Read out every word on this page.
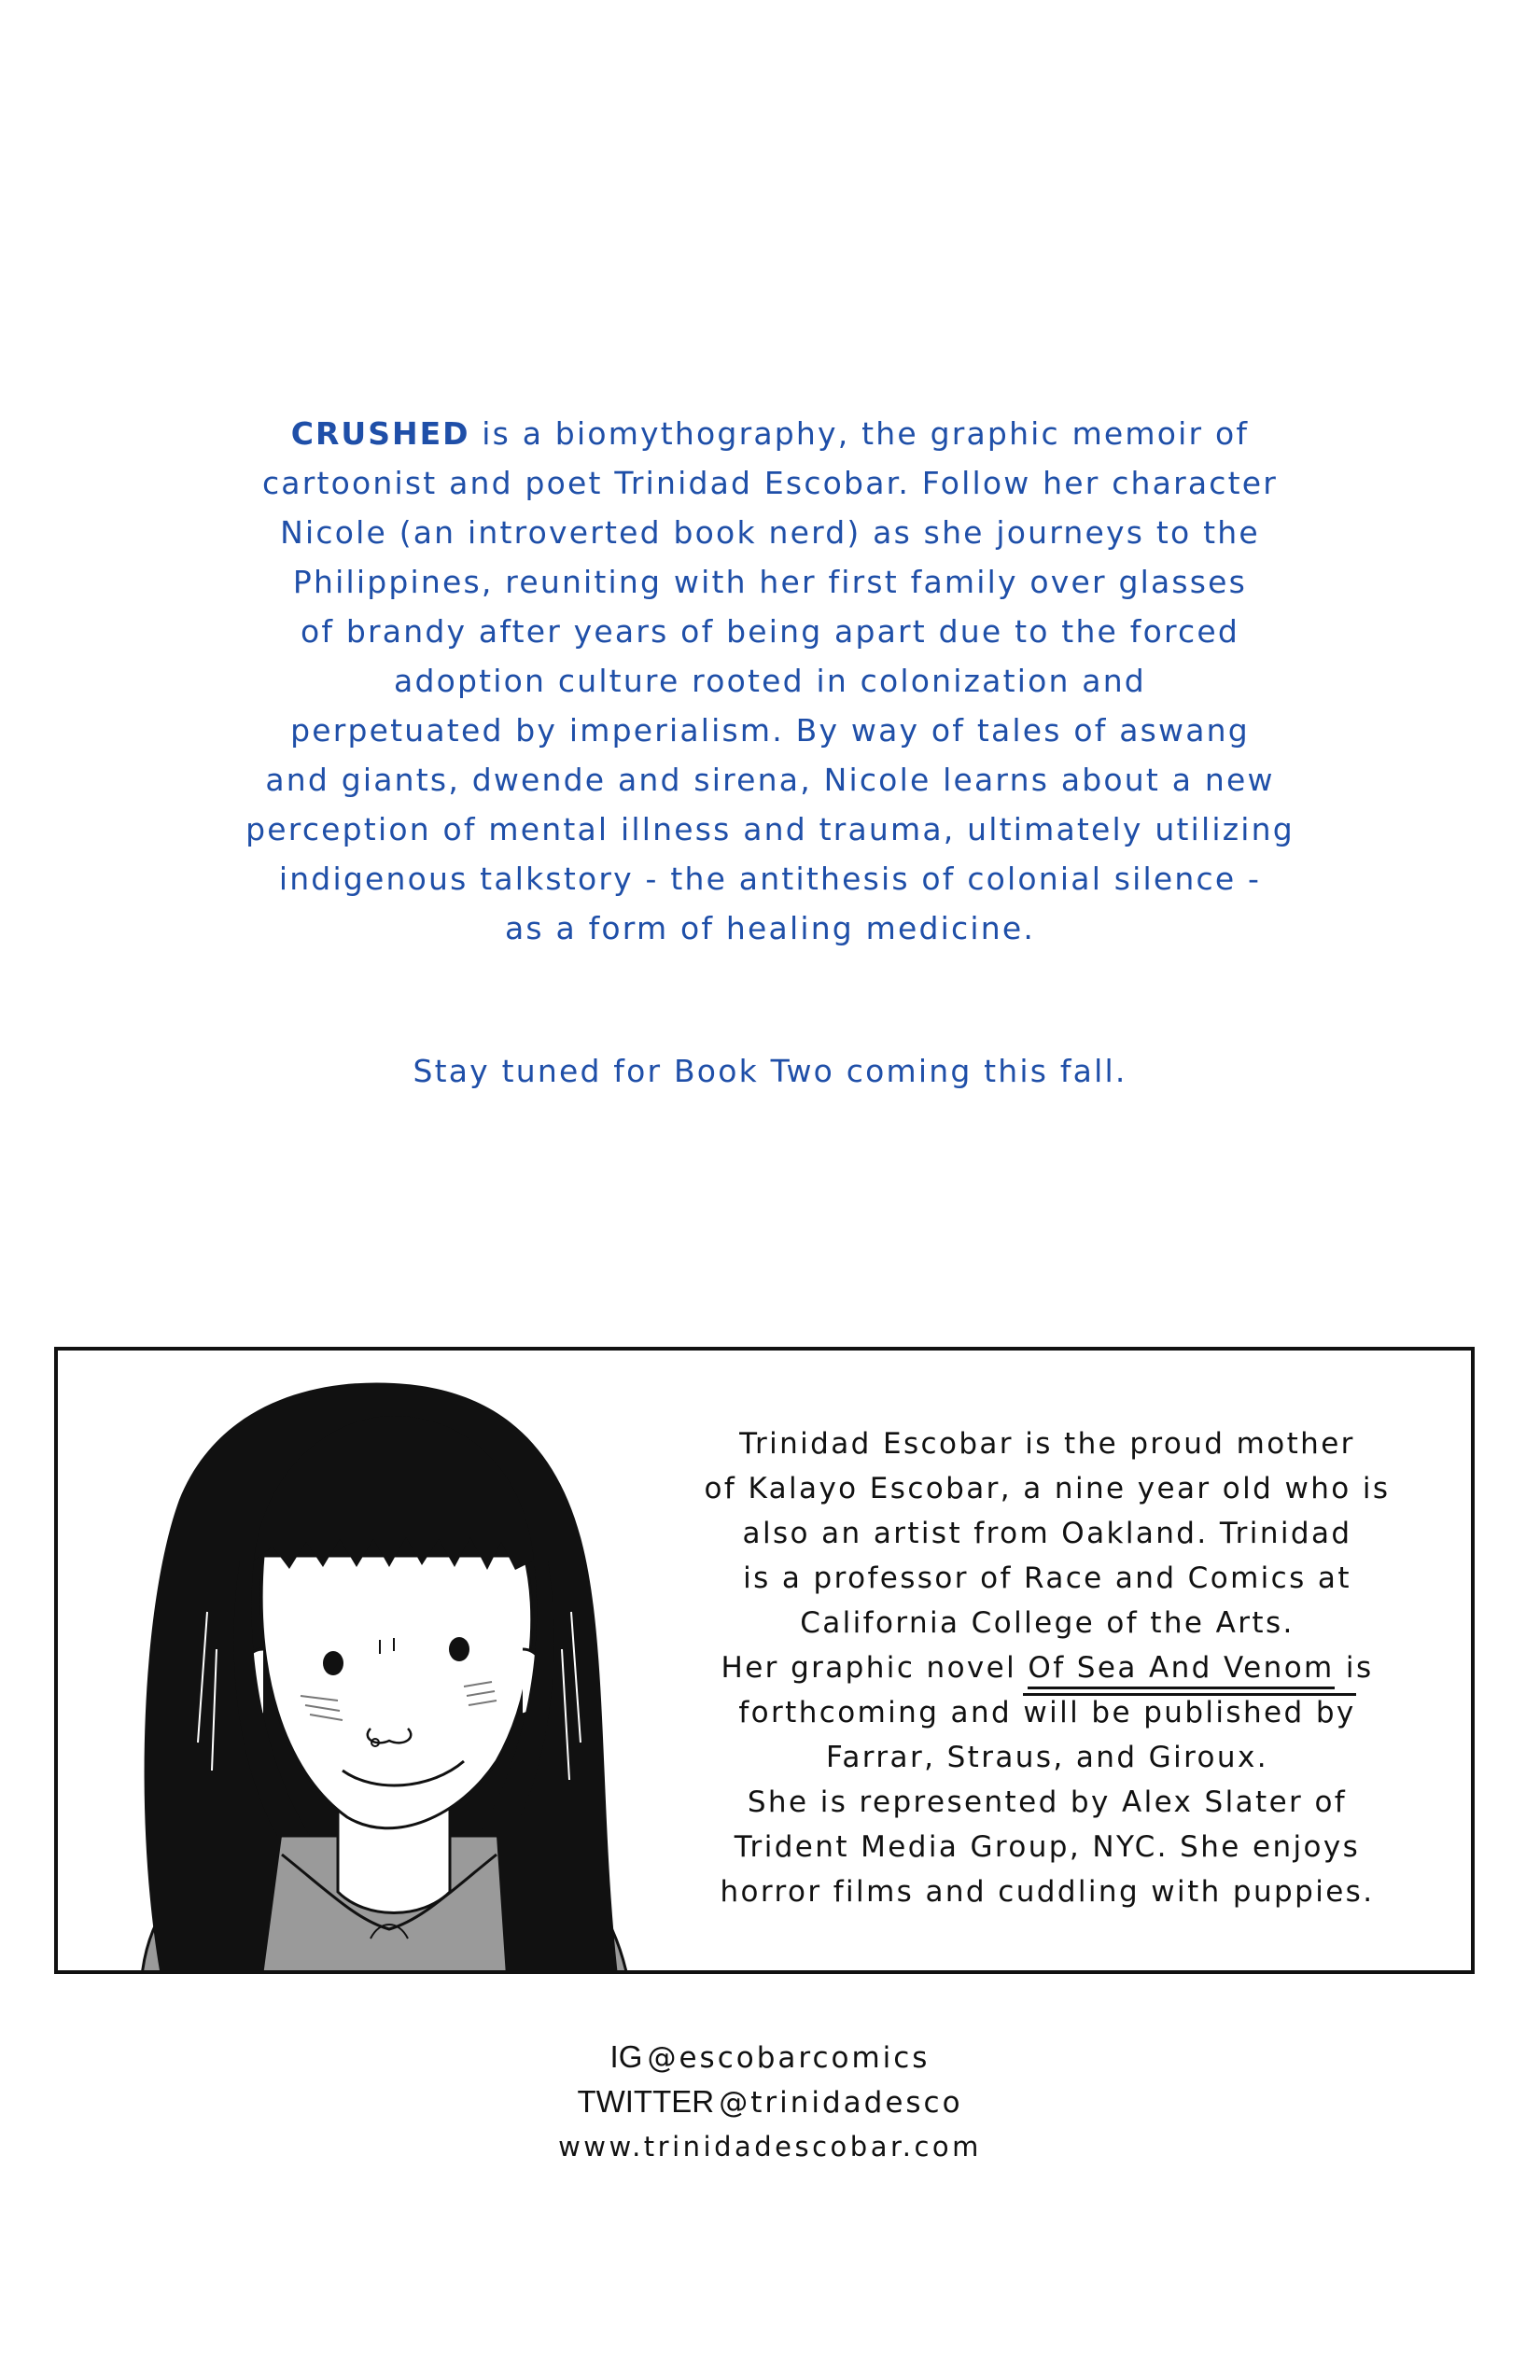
CRUSHED is a biomythography, the graphic memoir of
cartoonist and poet Trinidad Escobar. Follow her character
Nicole (an introverted book nerd) as she journeys to the
Philippines, reuniting with her first family over glasses
of brandy after years of being apart due to the forced
adoption culture rooted in colonization and
perpetuated by imperialism. By way of tales of aswang
and giants, dwende and sirena, Nicole learns about a new
perception of mental illness and trauma, ultimately utilizing
indigenous talkstory - the antithesis of colonial silence -
as a form of healing medicine.
Stay tuned for Book Two coming this fall.
Trinidad Escobar is the proud mother
of Kalayo Escobar, a nine year old who is
also an artist from Oakland. Trinidad
is a professor of Race and Comics at
California College of the Arts.
Her graphic novel Of Sea And Venom is
forthcoming and will be published by
Farrar, Straus, and Giroux.
She is represented by Alex Slater of
Trident Media Group, NYC. She enjoys
horror films and cuddling with puppies.
IG @escobarcomics
TWITTER @trinidadesco
www.trinidadescobar.com
